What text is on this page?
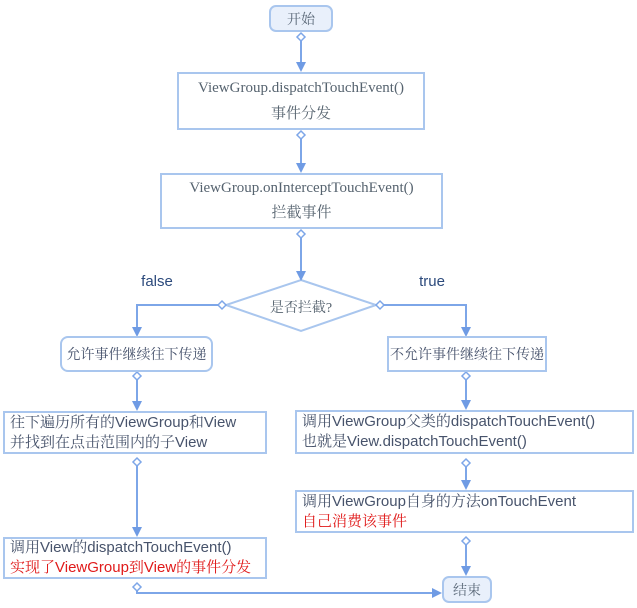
开始
ViewGroup.dispatchTouchEvent()
事件分发
ViewGroup.onInterceptTouchEvent()
拦截事件
是否拦截?
false	true
允许事件继续往下传递	不允许事件继续往下传递
往下遍历所有的ViewGroup和View
并找到在点击范围内的子View
调用ViewGroup父类的dispatchTouchEvent()
也就是View.dispatchTouchEvent()
调用ViewGroup自身的方法onTouchEvent
自己消费该事件
调用View的dispatchTouchEvent()
实现了ViewGroup到View的事件分发
结束
